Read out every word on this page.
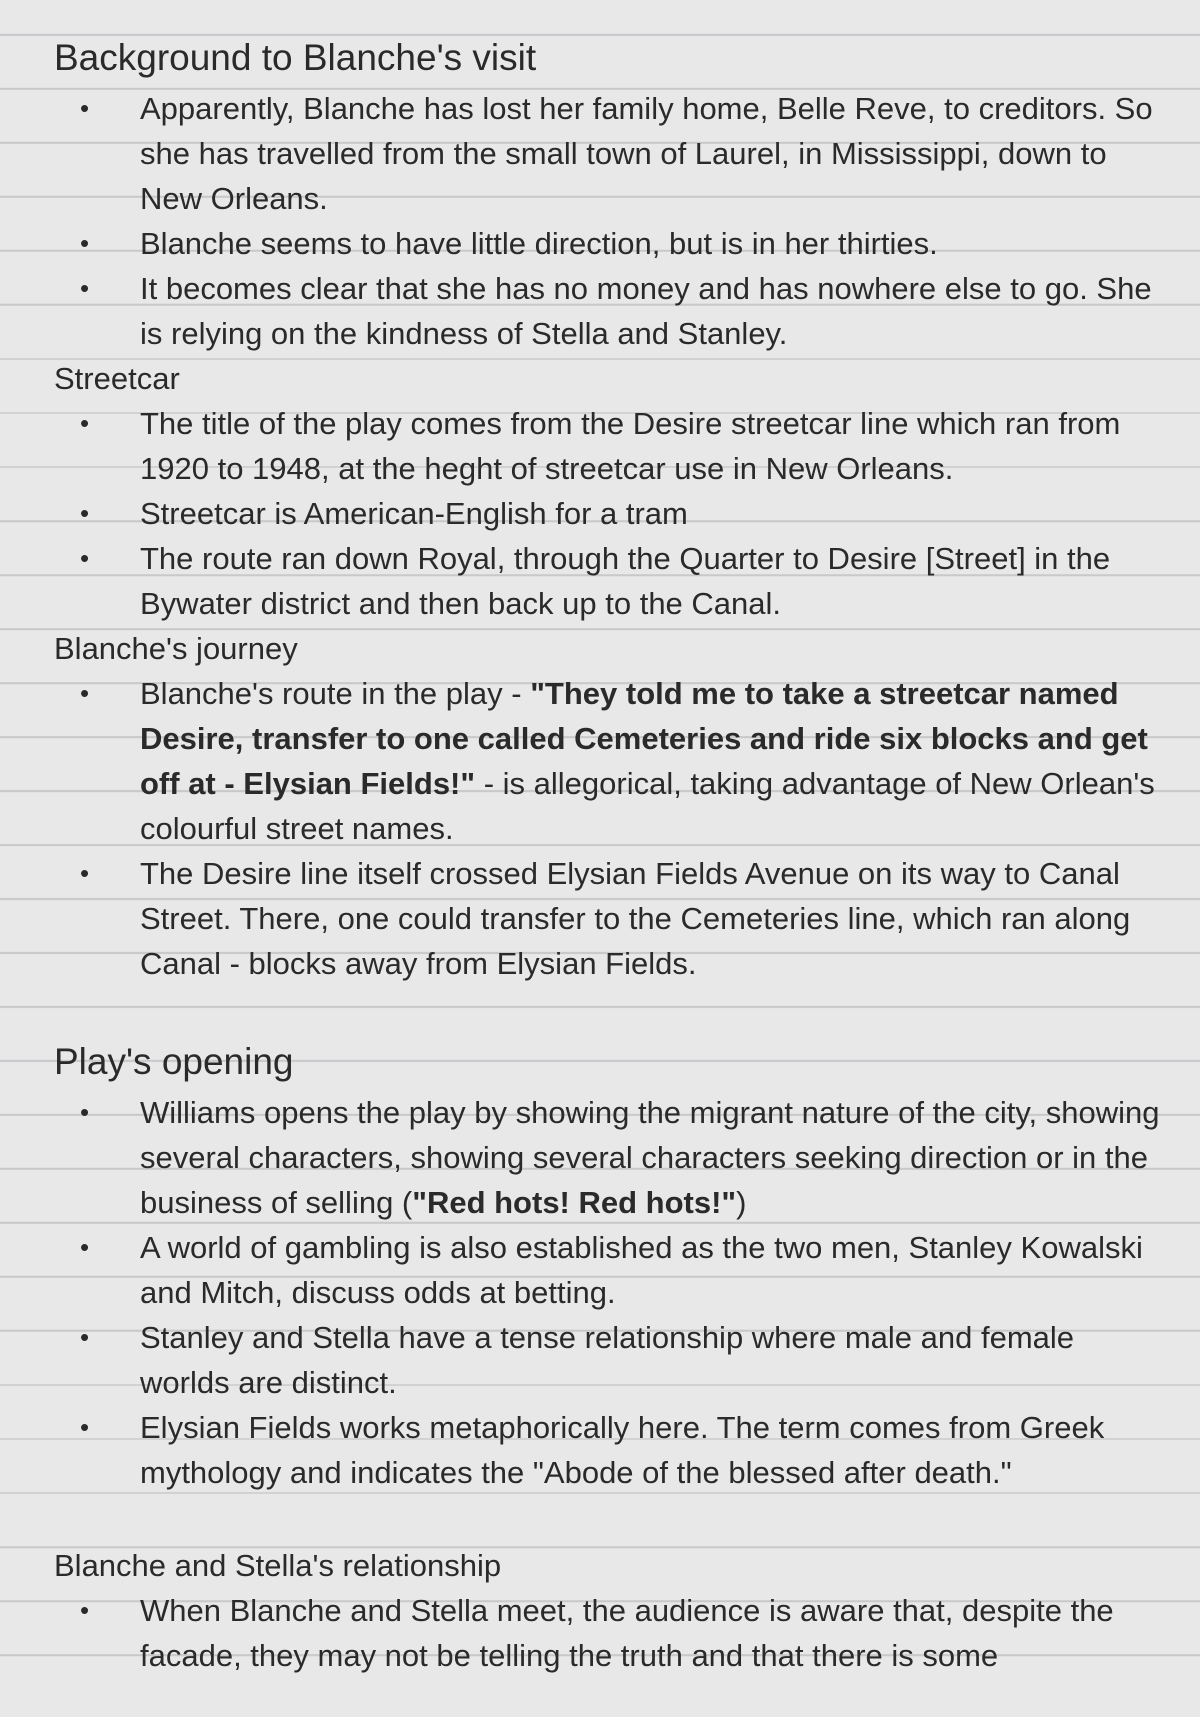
Background to Blanche's visit
• Apparently, Blanche has lost her family home, Belle Reve, to creditors. So she has travelled from the small town of Laurel, in Mississippi, down to New Orleans.
• Blanche seems to have little direction, but is in her thirties.
• It becomes clear that she has no money and has nowhere else to go. She is relying on the kindness of Stella and Stanley.
Streetcar
• The title of the play comes from the Desire streetcar line which ran from 1920 to 1948, at the heght of streetcar use in New Orleans.
• Streetcar is American-English for a tram
• The route ran down Royal, through the Quarter to Desire [Street] in the Bywater district and then back up to the Canal.
Blanche's journey
• Blanche's route in the play - "They told me to take a streetcar named Desire, transfer to one called Cemeteries and ride six blocks and get off at - Elysian Fields!" - is allegorical, taking advantage of New Orlean's colourful street names.
• The Desire line itself crossed Elysian Fields Avenue on its way to Canal Street. There, one could transfer to the Cemeteries line, which ran along Canal - blocks away from Elysian Fields.
Play's opening
• Williams opens the play by showing the migrant nature of the city, showing several characters, showing several characters seeking direction or in the business of selling ("Red hots! Red hots!")
• A world of gambling is also established as the two men, Stanley Kowalski and Mitch, discuss odds at betting.
• Stanley and Stella have a tense relationship where male and female worlds are distinct.
• Elysian Fields works metaphorically here. The term comes from Greek mythology and indicates the "Abode of the blessed after death."
Blanche and Stella's relationship
• When Blanche and Stella meet, the audience is aware that, despite the facade, they may not be telling the truth and that there is some
